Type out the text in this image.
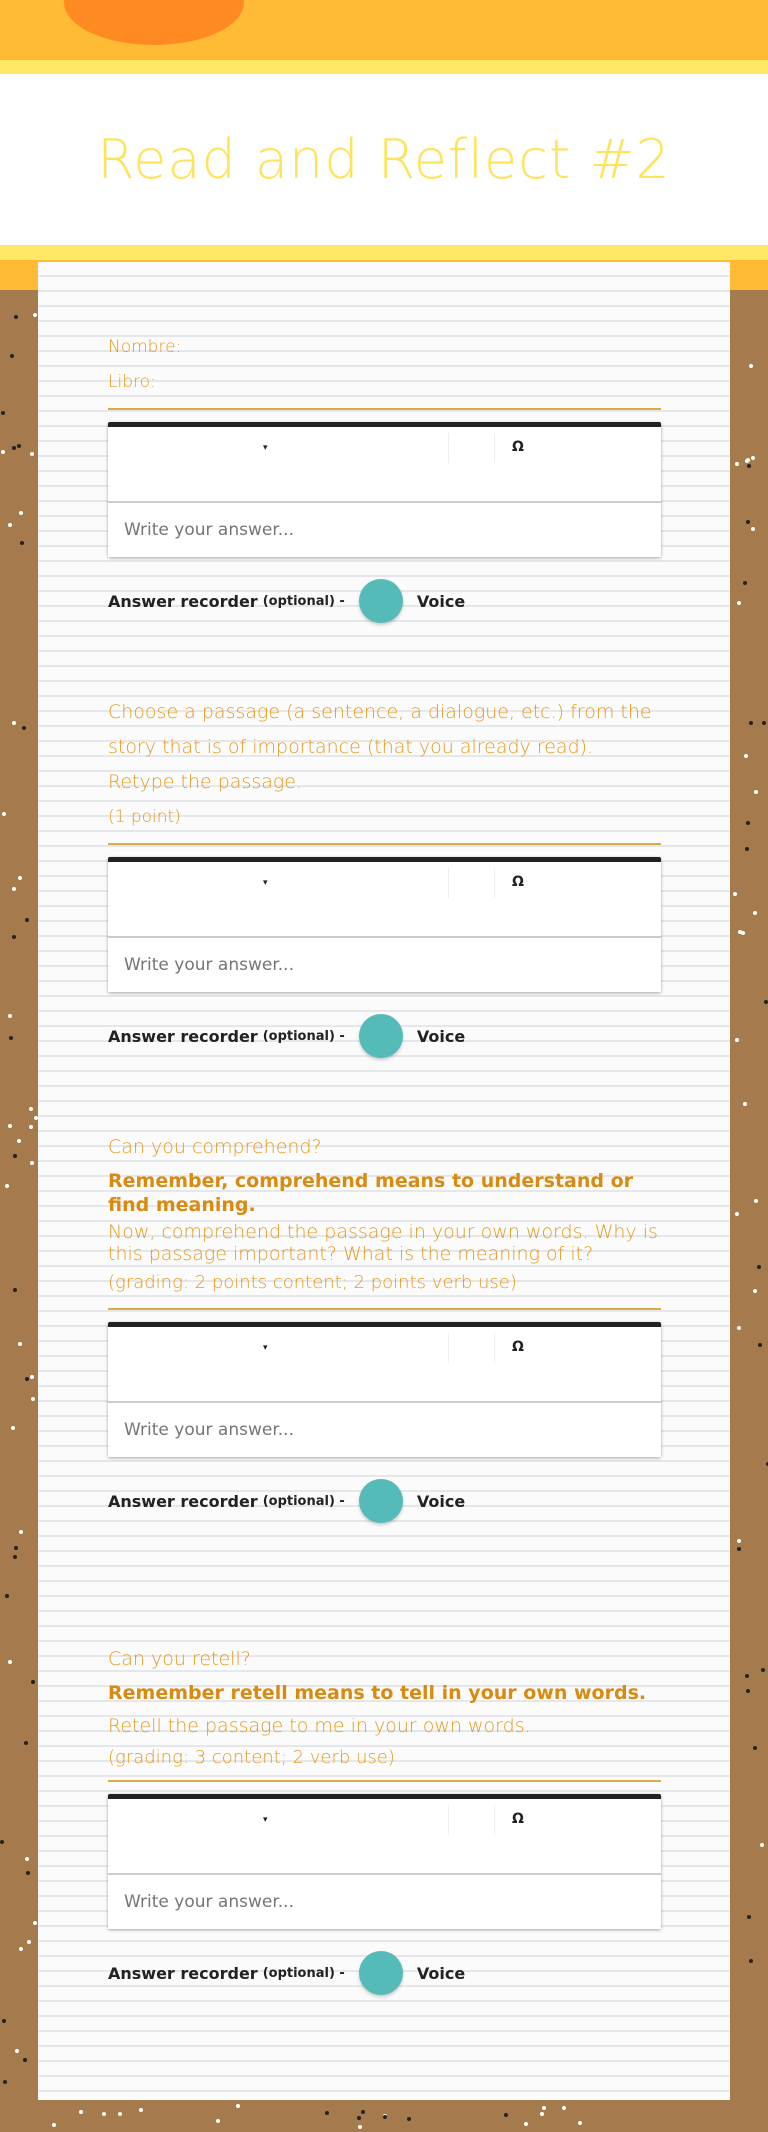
Read and Reflect #2
Nombre:
Libro:
▾	Ω
Write your answer...
Answer recorder (optional) -	Voice
Choose a passage (a sentence, a dialogue, etc.) from the story that is of importance (that you already read). Retype the passage.
(1 point)
▾	Ω
Write your answer...
Answer recorder (optional) -	Voice
Can you comprehend?
Remember, comprehend means to understand or find meaning.
Now, comprehend the passage in your own words. Why is this passage important? What is the meaning of it?
(grading: 2 points content; 2 points verb use)
▾	Ω
Write your answer...
Answer recorder (optional) -	Voice
Can you retell?
Remember retell means to tell in your own words.
Retell the passage to me in your own words.
(grading: 3 content; 2 verb use)
▾	Ω
Write your answer...
Answer recorder (optional) -	Voice
